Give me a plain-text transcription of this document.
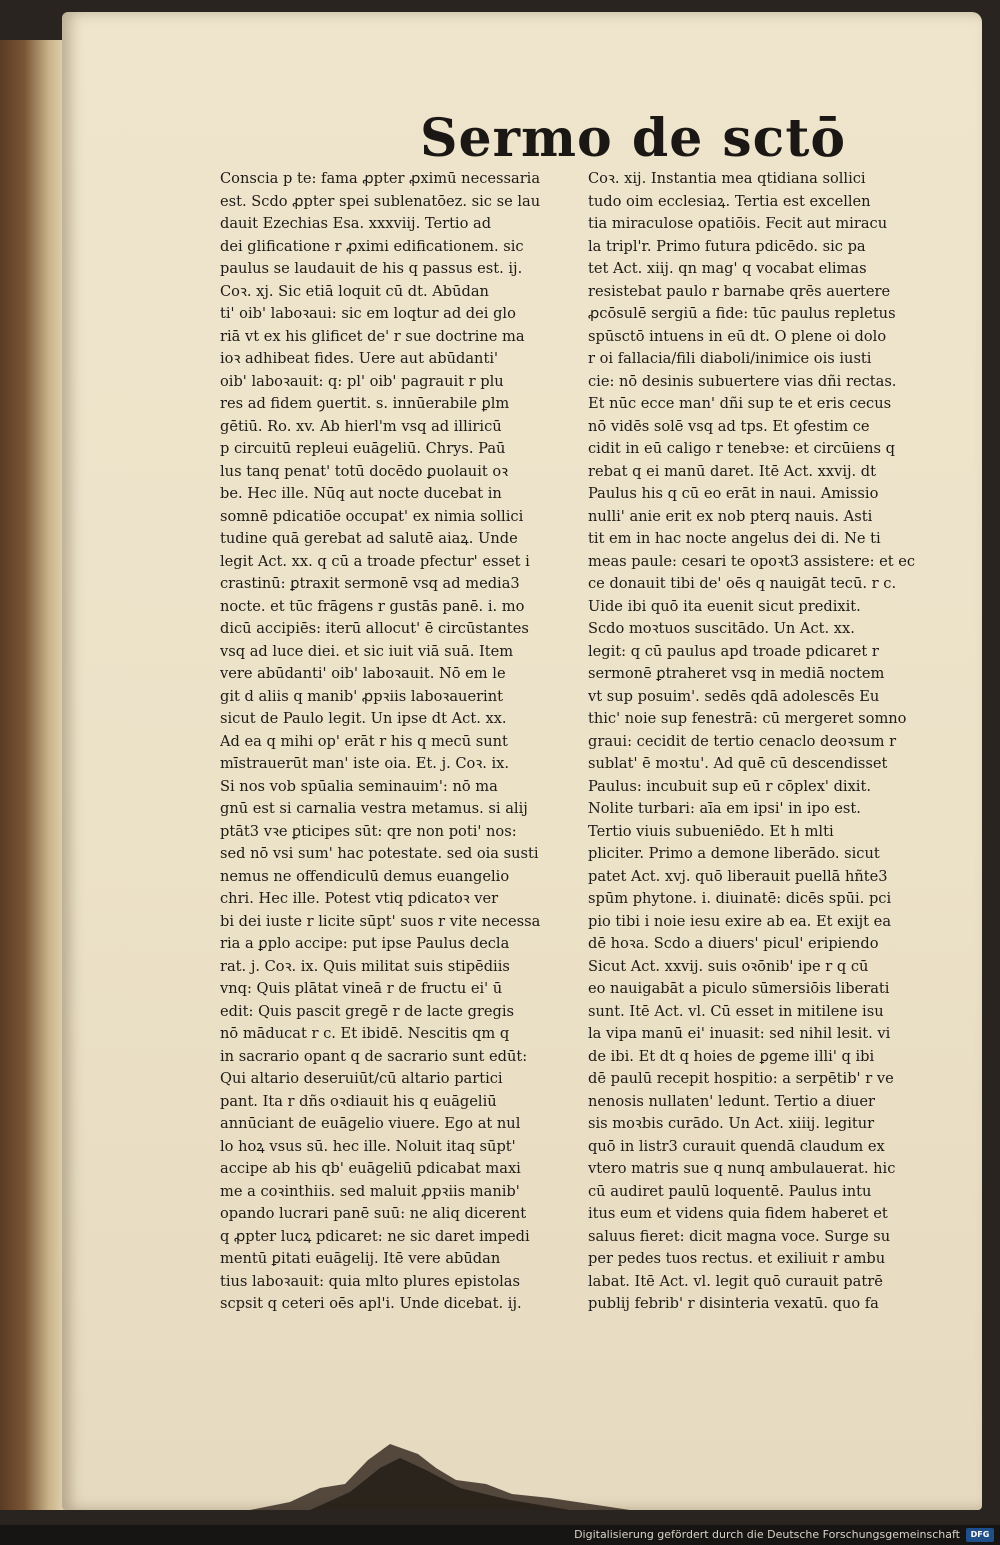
Sermo de sctō
Conscia p te: fama ꝓpter ꝓximū necessaria
est. Scdo ꝓpter spei sublenatōez. sic se lau
dauit Ezechias Esa. xxxviij. Tertio ad
dei glificatione r ꝓximi edificationem. sic
paulus se laudauit de his q passus est. ij.
Coꝛ. xj. Sic etiā loquit cū dt. Abūdan
ti' oib' laboꝛaui: sic em loqtur ad dei glo
riā vt ex his glificet de' r sue doctrine ma
ioꝛ adhibeat fides. Uere aut abūdanti'
oib' laboꝛauit: q: pl' oib' pagrauit r plu
res ad fidem ꝯuertit. s. innūerabile ꝑlm
gētiū. Ro. xv. Ab hierl'm vsq ad illiricū
p circuitū repleui euāgeliū. Chrys. Paū
lus tanq penat' totū docēdo ꝑuolauit oꝛ
be. Hec ille. Nūq aut nocte ducebat in
somnē pdicatiōe occupat' ex nimia sollici
tudine quā gerebat ad salutē aiaꝝ. Unde
legit Act. xx. q cū a troade pfectur' esset i
crastinū: ꝑtraxit sermonē vsq ad media3
nocte. et tūc frāgens r gustās panē. i. mo
dicū accipiēs: iterū allocut' ē circūstantes
vsq ad luce diei. et sic iuit viā suā. Item
vere abūdanti' oib' laboꝛauit. Nō em le
git d aliis q manib' ꝓpꝛiis laboꝛauerint
sicut de Paulo legit. Un ipse dt Act. xx.
Ad ea q mihi op' erāt r his q mecū sunt
mīstrauerūt man' iste oia. Et. j. Coꝛ. ix.
Si nos vob spūalia seminauim': nō ma
gnū est si carnalia vestra metamus. si alij
ptāt3 vꝛe ꝑticipes sūt: qre non poti' nos:
sed nō vsi sum' hac potestate. sed oia susti
nemus ne offendiculū demus euangelio
chri. Hec ille. Potest vtiq pdicatoꝛ ver
bi dei iuste r licite sūpt' suos r vite necessa
ria a ꝑplo accipe: put ipse Paulus decla
rat. j. Coꝛ. ix. Quis militat suis stipēdiis
vnq: Quis plātat vineā r de fructu ei' ū
edit: Quis pascit gregē r de lacte gregis
nō māducat r c. Et ibidē. Nescitis qm q
in sacrario opant q de sacrario sunt edūt:
Qui altario deseruiūt/cū altario partici
pant. Ita r dñs oꝛdiauit his q euāgeliū
annūciant de euāgelio viuere. Ego at nul
lo hoꝝ vsus sū. hec ille. Noluit itaq sūpt'
accipe ab his qb' euāgeliū pdicabat maxi
me a coꝛinthiis. sed maluit ꝓpꝛiis manib'
opando lucrari panē suū: ne aliq dicerent
q ꝓpter lucꝝ pdicaret: ne sic daret impedi
mentū ꝑitati euāgelij. Itē vere abūdan
tius laboꝛauit: quia mlto plures epistolas
scpsit q ceteri oēs apl'i. Unde dicebat. ij.
Coꝛ. xij. Instantia mea qtidiana sollici
tudo oim ecclesiaꝝ. Tertia est excellen
tia miraculose opatiōis. Fecit aut miracu
la tripl'r. Primo futura pdicēdo. sic pa
tet Act. xiij. qn mag' q vocabat elimas
resistebat paulo r barnabe qrēs auertere
ꝓcōsulē sergiū a fide: tūc paulus repletus
spūsctō intuens in eū dt. O plene oi dolo
r oi fallacia/fili diaboli/inimice ois iusti
cie: nō desinis subuertere vias dñi rectas.
Et nūc ecce man' dñi sup te et eris cecus
nō vidēs solē vsq ad tps. Et ꝯfestim ce
cidit in eū caligo r tenebꝛe: et circūiens q
rebat q ei manū daret. Itē Act. xxvij. dt
Paulus his q cū eo erāt in naui. Amissio
nulli' anie erit ex nob pterq nauis. Asti
tit em in hac nocte angelus dei di. Ne ti
meas paule: cesari te opoꝛt3 assistere: et ec
ce donauit tibi de' oēs q nauigāt tecū. r c.
Uide ibi quō ita euenit sicut predixit.
Scdo moꝛtuos suscitādo. Un Act. xx.
legit: q cū paulus apd troade pdicaret r
sermonē ꝑtraheret vsq in mediā noctem
vt sup posuim'. sedēs qdā adolescēs Eu
thic' noie sup fenestrā: cū mergeret somno
graui: cecidit de tertio cenaclo deoꝛsum r
sublat' ē moꝛtu'. Ad quē cū descendisset
Paulus: incubuit sup eū r cōplex' dixit.
Nolite turbari: aīa em ipsi' in ipo est.
Tertio viuis subueniēdo. Et h mlti
pliciter. Primo a demone liberādo. sicut
patet Act. xvj. quō liberauit puellā hñte3
spūm phytone. i. diuinatē: dicēs spūi. pci
pio tibi i noie iesu exire ab ea. Et exijt ea
dē hoꝛa. Scdo a diuers' picul' eripiendo
Sicut Act. xxvij. suis oꝛōnib' ipe r q cū
eo nauigabāt a piculo sūmersiōis liberati
sunt. Itē Act. vl. Cū esset in mitilene isu
la vipa manū ei' inuasit: sed nihil lesit. vi
de ibi. Et dt q hoies de ꝑgeme illi' q ibi
dē paulū recepit hospitio: a serpētib' r ve
nenosis nullaten' ledunt. Tertio a diuer
sis moꝛbis curādo. Un Act. xiiij. legitur
quō in listr3 curauit quendā claudum ex
vtero matris sue q nunq ambulauerat. hic
cū audiret paulū loquentē. Paulus intu
itus eum et videns quia fidem haberet et
saluus fieret: dicit magna voce. Surge su
per pedes tuos rectus. et exiliuit r ambu
labat. Itē Act. vl. legit quō curauit patrē
publij febrib' r disinteria vexatū. quo fa
Digitalisierung gefördert durch die Deutsche Forschungsgemeinschaft	DFG
